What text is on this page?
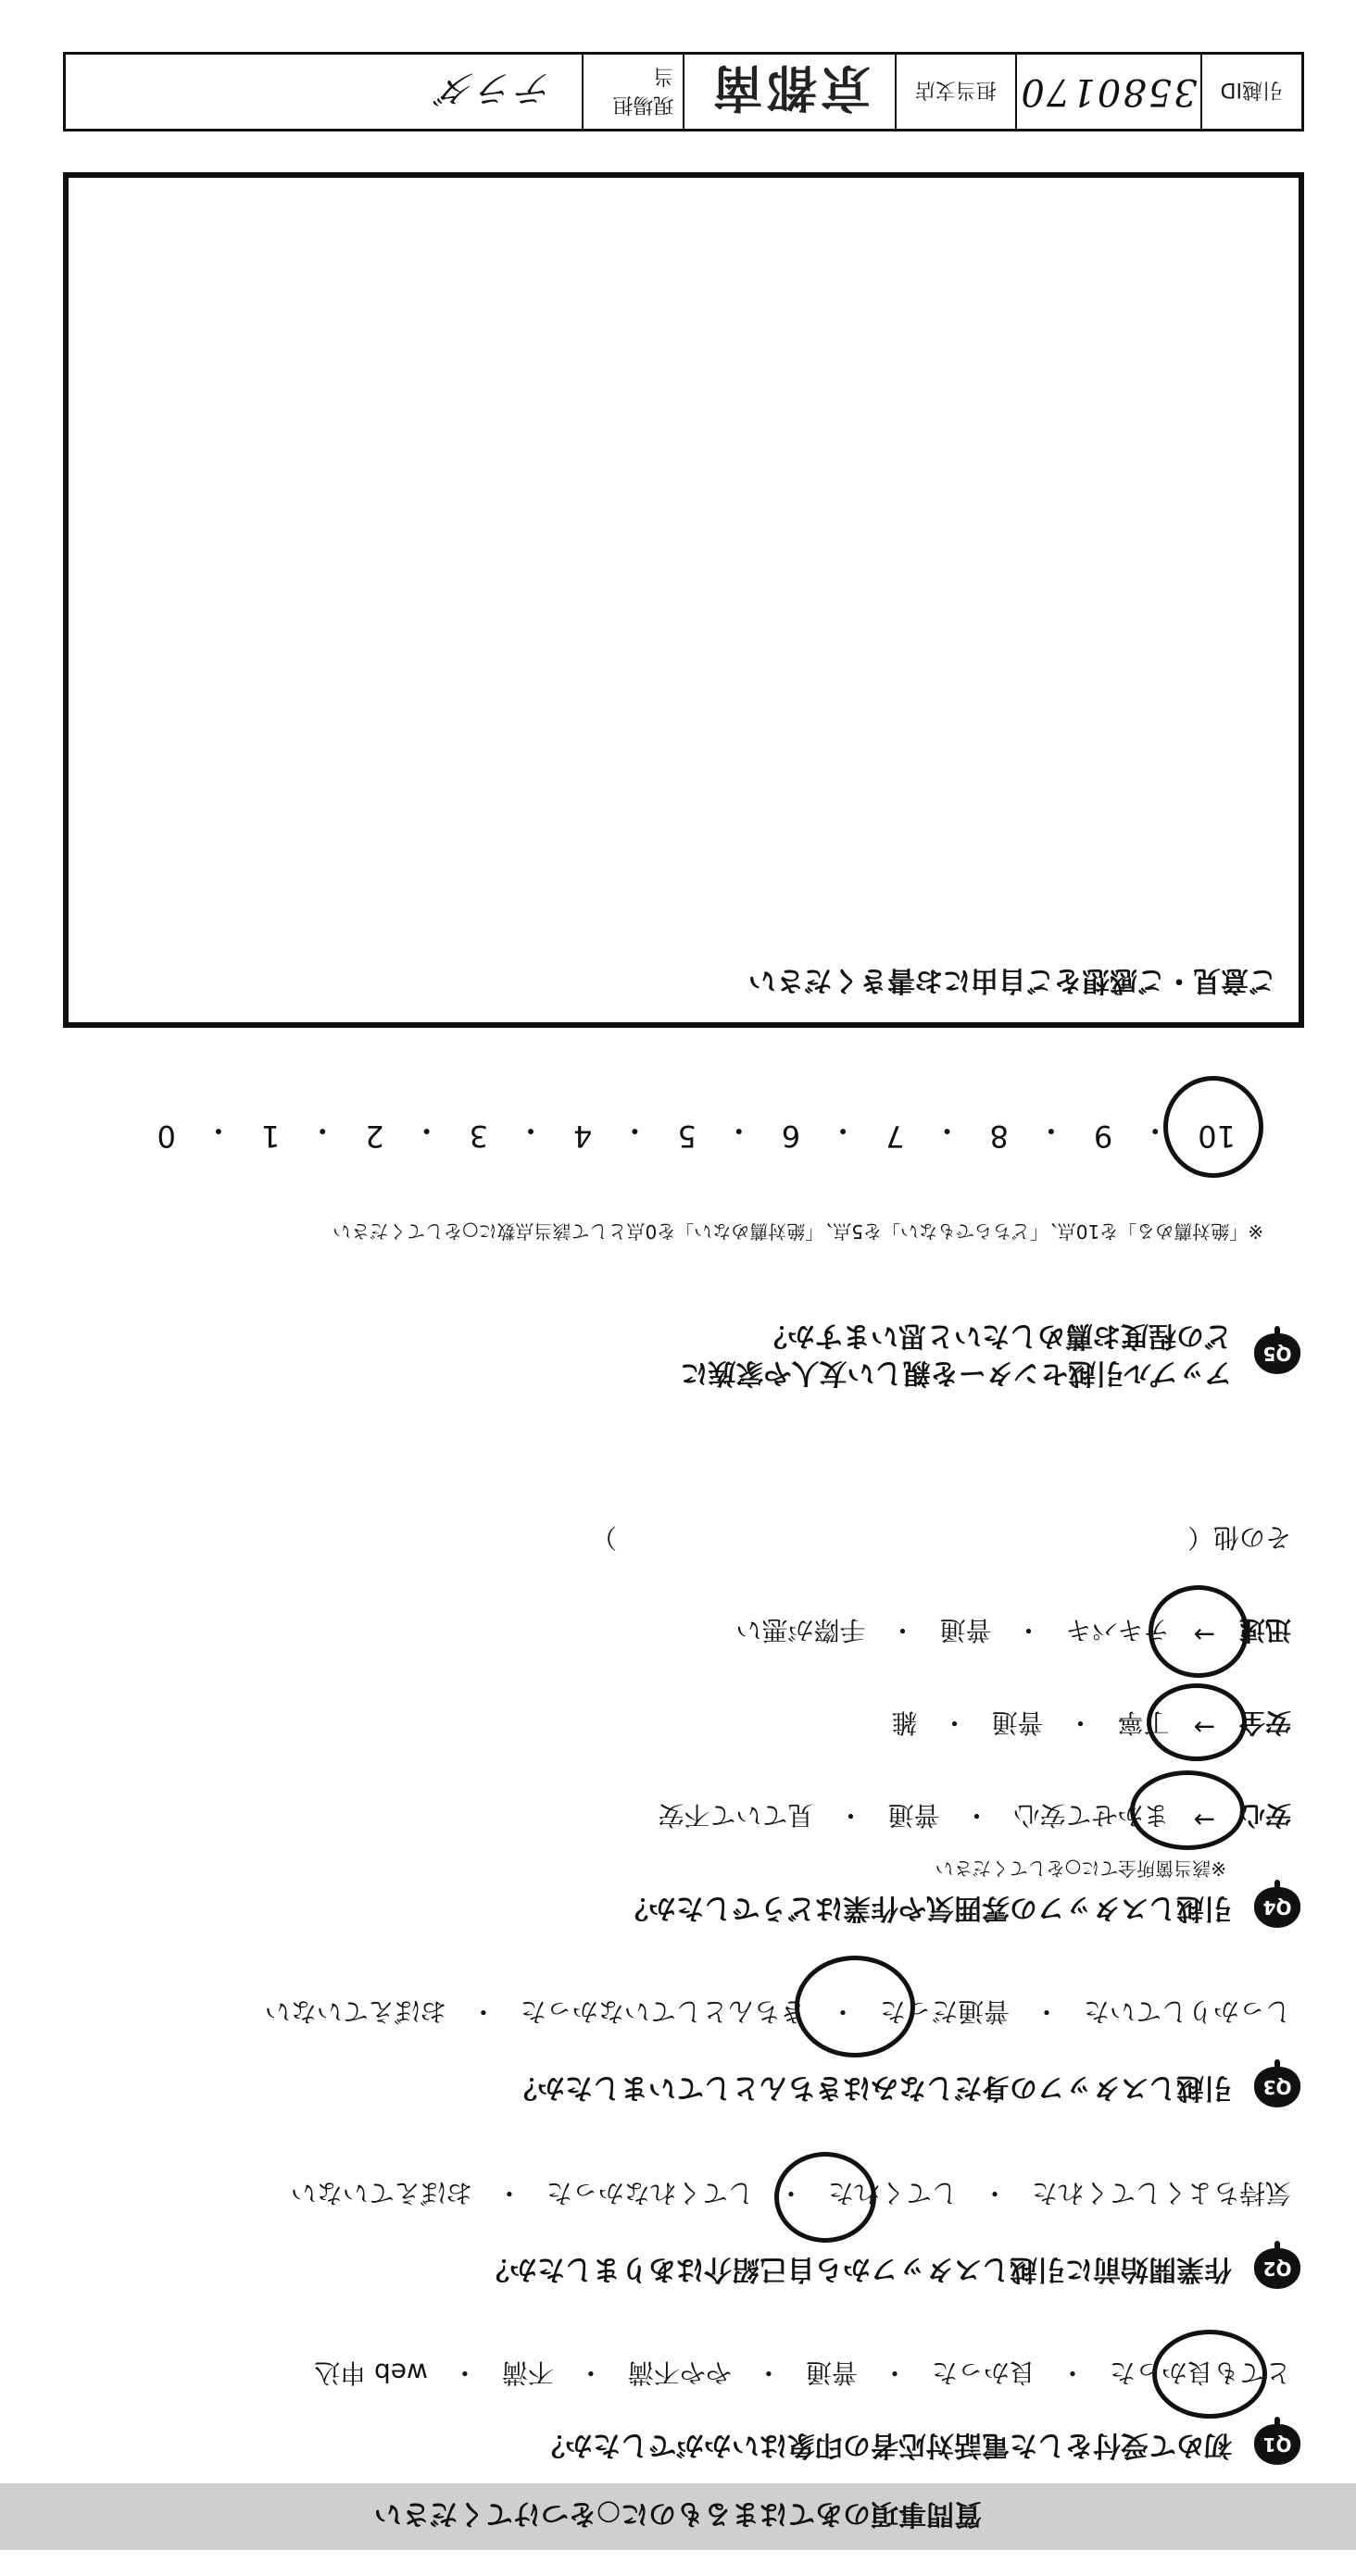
引越ID
3580170
担当支店
京都南
現場担当
テラダ
ご意見・ご感想をご自由にお書きください
質問事項のあてはまるものに○をつけてください
Q1
初めて受付をした電話対応者の印象はいかがでしたか？
とても良かった
・
良かった
・
普通
・
やや不満
・
不満
・
web 申込
Q2
作業開始前に引越しスタッフから自己紹介はありましたか？
気持ちよくしてくれた
・
してくれた
・
してくれなかった
・
おぼえていない
Q3
引越しスタッフの身だしなみはきちんとしていましたか？
しっかりしていた
・
普通だった
・
きちんとしていなかった
・
おぼえていない
Q4
引越しスタッフの雰囲気や作業はどうでしたか？
※該当箇所全てに○をしてください
安心
→
まかせて安心
・
普通
・
見ていて不安
安全
→
丁寧
・
普通
・
雑
迅速
→
テキパキ
・
普通
・
手際が悪い
その他（　　　　　　　　　　　　　　　　　　　　　　）
Q5
アップル引越センターを親しい友人や家族に
どの程度お薦めしたいと思いますか？
※「絶対薦める」を10点、「どちらでもない」を5点、「絶対薦めない」を0点として該当点数に○をしてください
10
・
9
・
8
・
7
・
6
・
5
・
4
・
3
・
2
・
1
・
0
